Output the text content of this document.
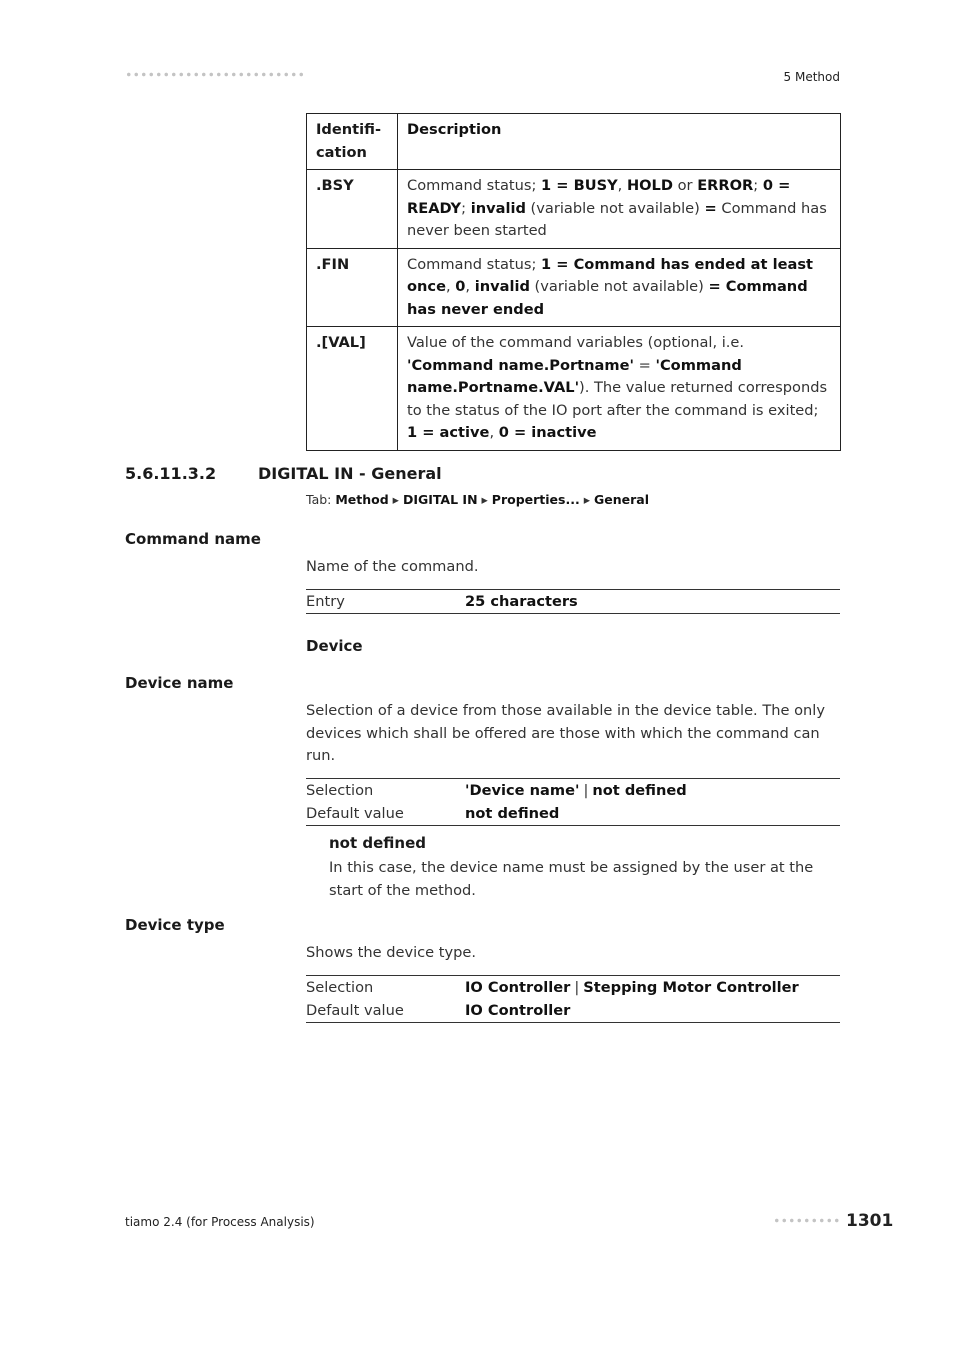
5 Method
Identifi-
cation	Description
.BSY	Command status; 1 = BUSY, HOLD or ERROR; 0 = READY; invalid (variable not available) = Command has never been started
.FIN	Command status; 1 = Command has ended at least once, 0, invalid (variable not available) = Command has never ended
.[VAL]	Value of the command variables (optional, i.e. 'Command name.Portname' = 'Command name.Portname.VAL'). The value returned corresponds to the status of the IO port after the command is exited; 1 = active, 0 = inactive
5.6.11.3.2	DIGITAL IN - General
Tab: Method ▸ DIGITAL IN ▸ Properties... ▸ General
Command name
Name of the command.
Entry	25 characters
Device
Device name
Selection of a device from those available in the device table. The only devices which shall be offered are those with which the command can run.
Selection	'Device name' | not defined
Default value	not defined
not defined
In this case, the device name must be assigned by the user at the start of the method.
Device type
Shows the device type.
Selection	IO Controller | Stepping Motor Controller
Default value	IO Controller
tiamo 2.4 (for Process Analysis)	1301
